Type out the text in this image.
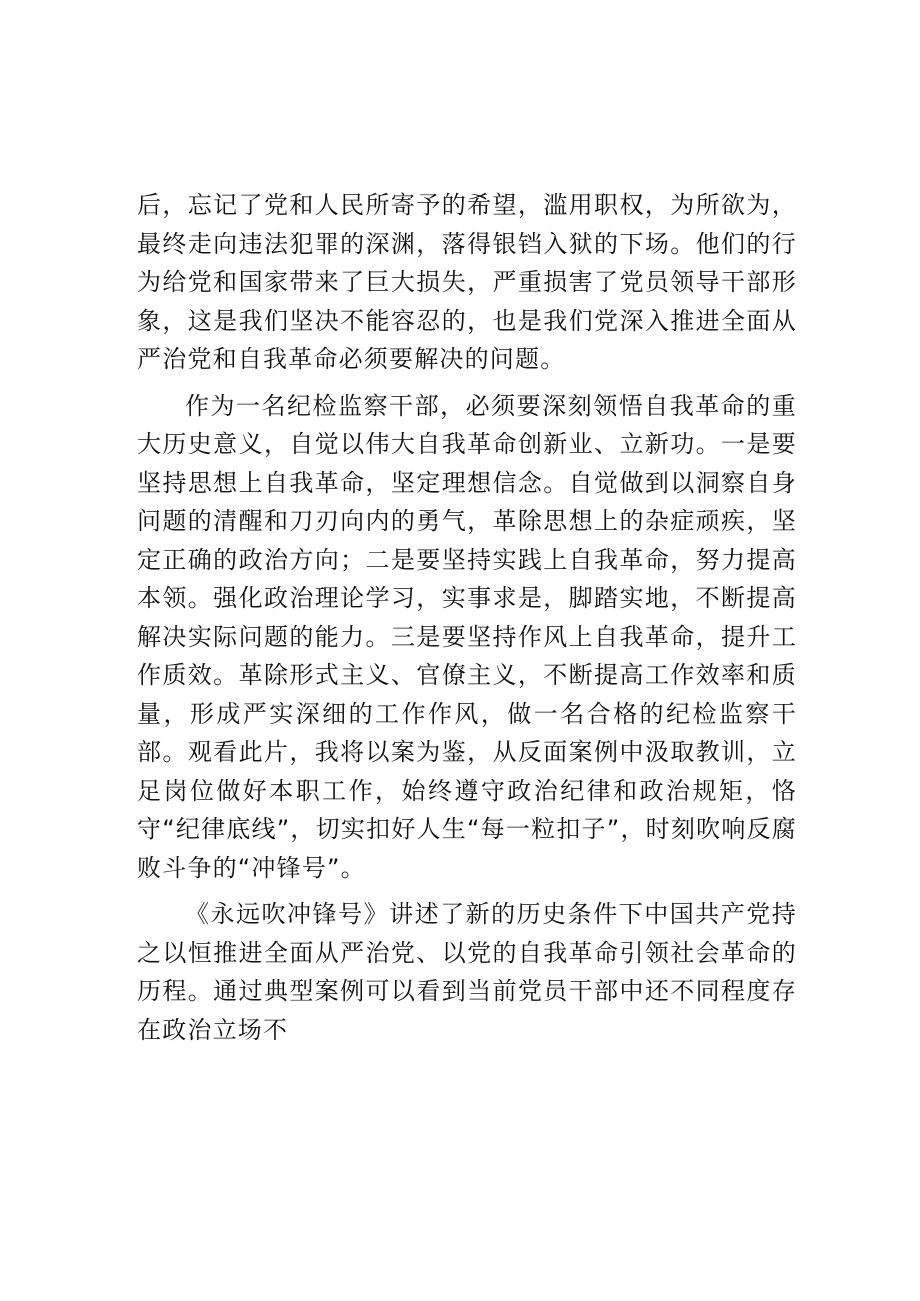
后，忘记了党和人民所寄予的希望，滥用职权，为所欲为，最终走向违法犯罪的深渊，落得银铛入狱的下场。他们的行为给党和国家带来了巨大损失，严重损害了党员领导干部形象，这是我们坚决不能容忍的，也是我们党深入推进全面从严治党和自我革命必须要解决的问题。

作为一名纪检监察干部，必须要深刻领悟自我革命的重大历史意义，自觉以伟大自我革命创新业、立新功。一是要坚持思想上自我革命，坚定理想信念。自觉做到以洞察自身问题的清醒和刀刃向内的勇气，革除思想上的杂症顽疾，坚定正确的政治方向；二是要坚持实践上自我革命，努力提高本领。强化政治理论学习，实事求是，脚踏实地，不断提高解决实际问题的能力。三是要坚持作风上自我革命，提升工作质效。革除形式主义、官僚主义，不断提高工作效率和质量，形成严实深细的工作作风，做一名合格的纪检监察干部。观看此片，我将以案为鉴，从反面案例中汲取教训，立足岗位做好本职工作，始终遵守政治纪律和政治规矩，恪守“纪律底线”，切实扣好人生“每一粒扣子”，时刻吹响反腐败斗争的“冲锋号”。

《永远吹冲锋号》讲述了新的历史条件下中国共产党持之以恒推进全面从严治党、以党的自我革命引领社会革命的历程。通过典型案例可以看到当前党员干部中还不同程度存在政治立场不
